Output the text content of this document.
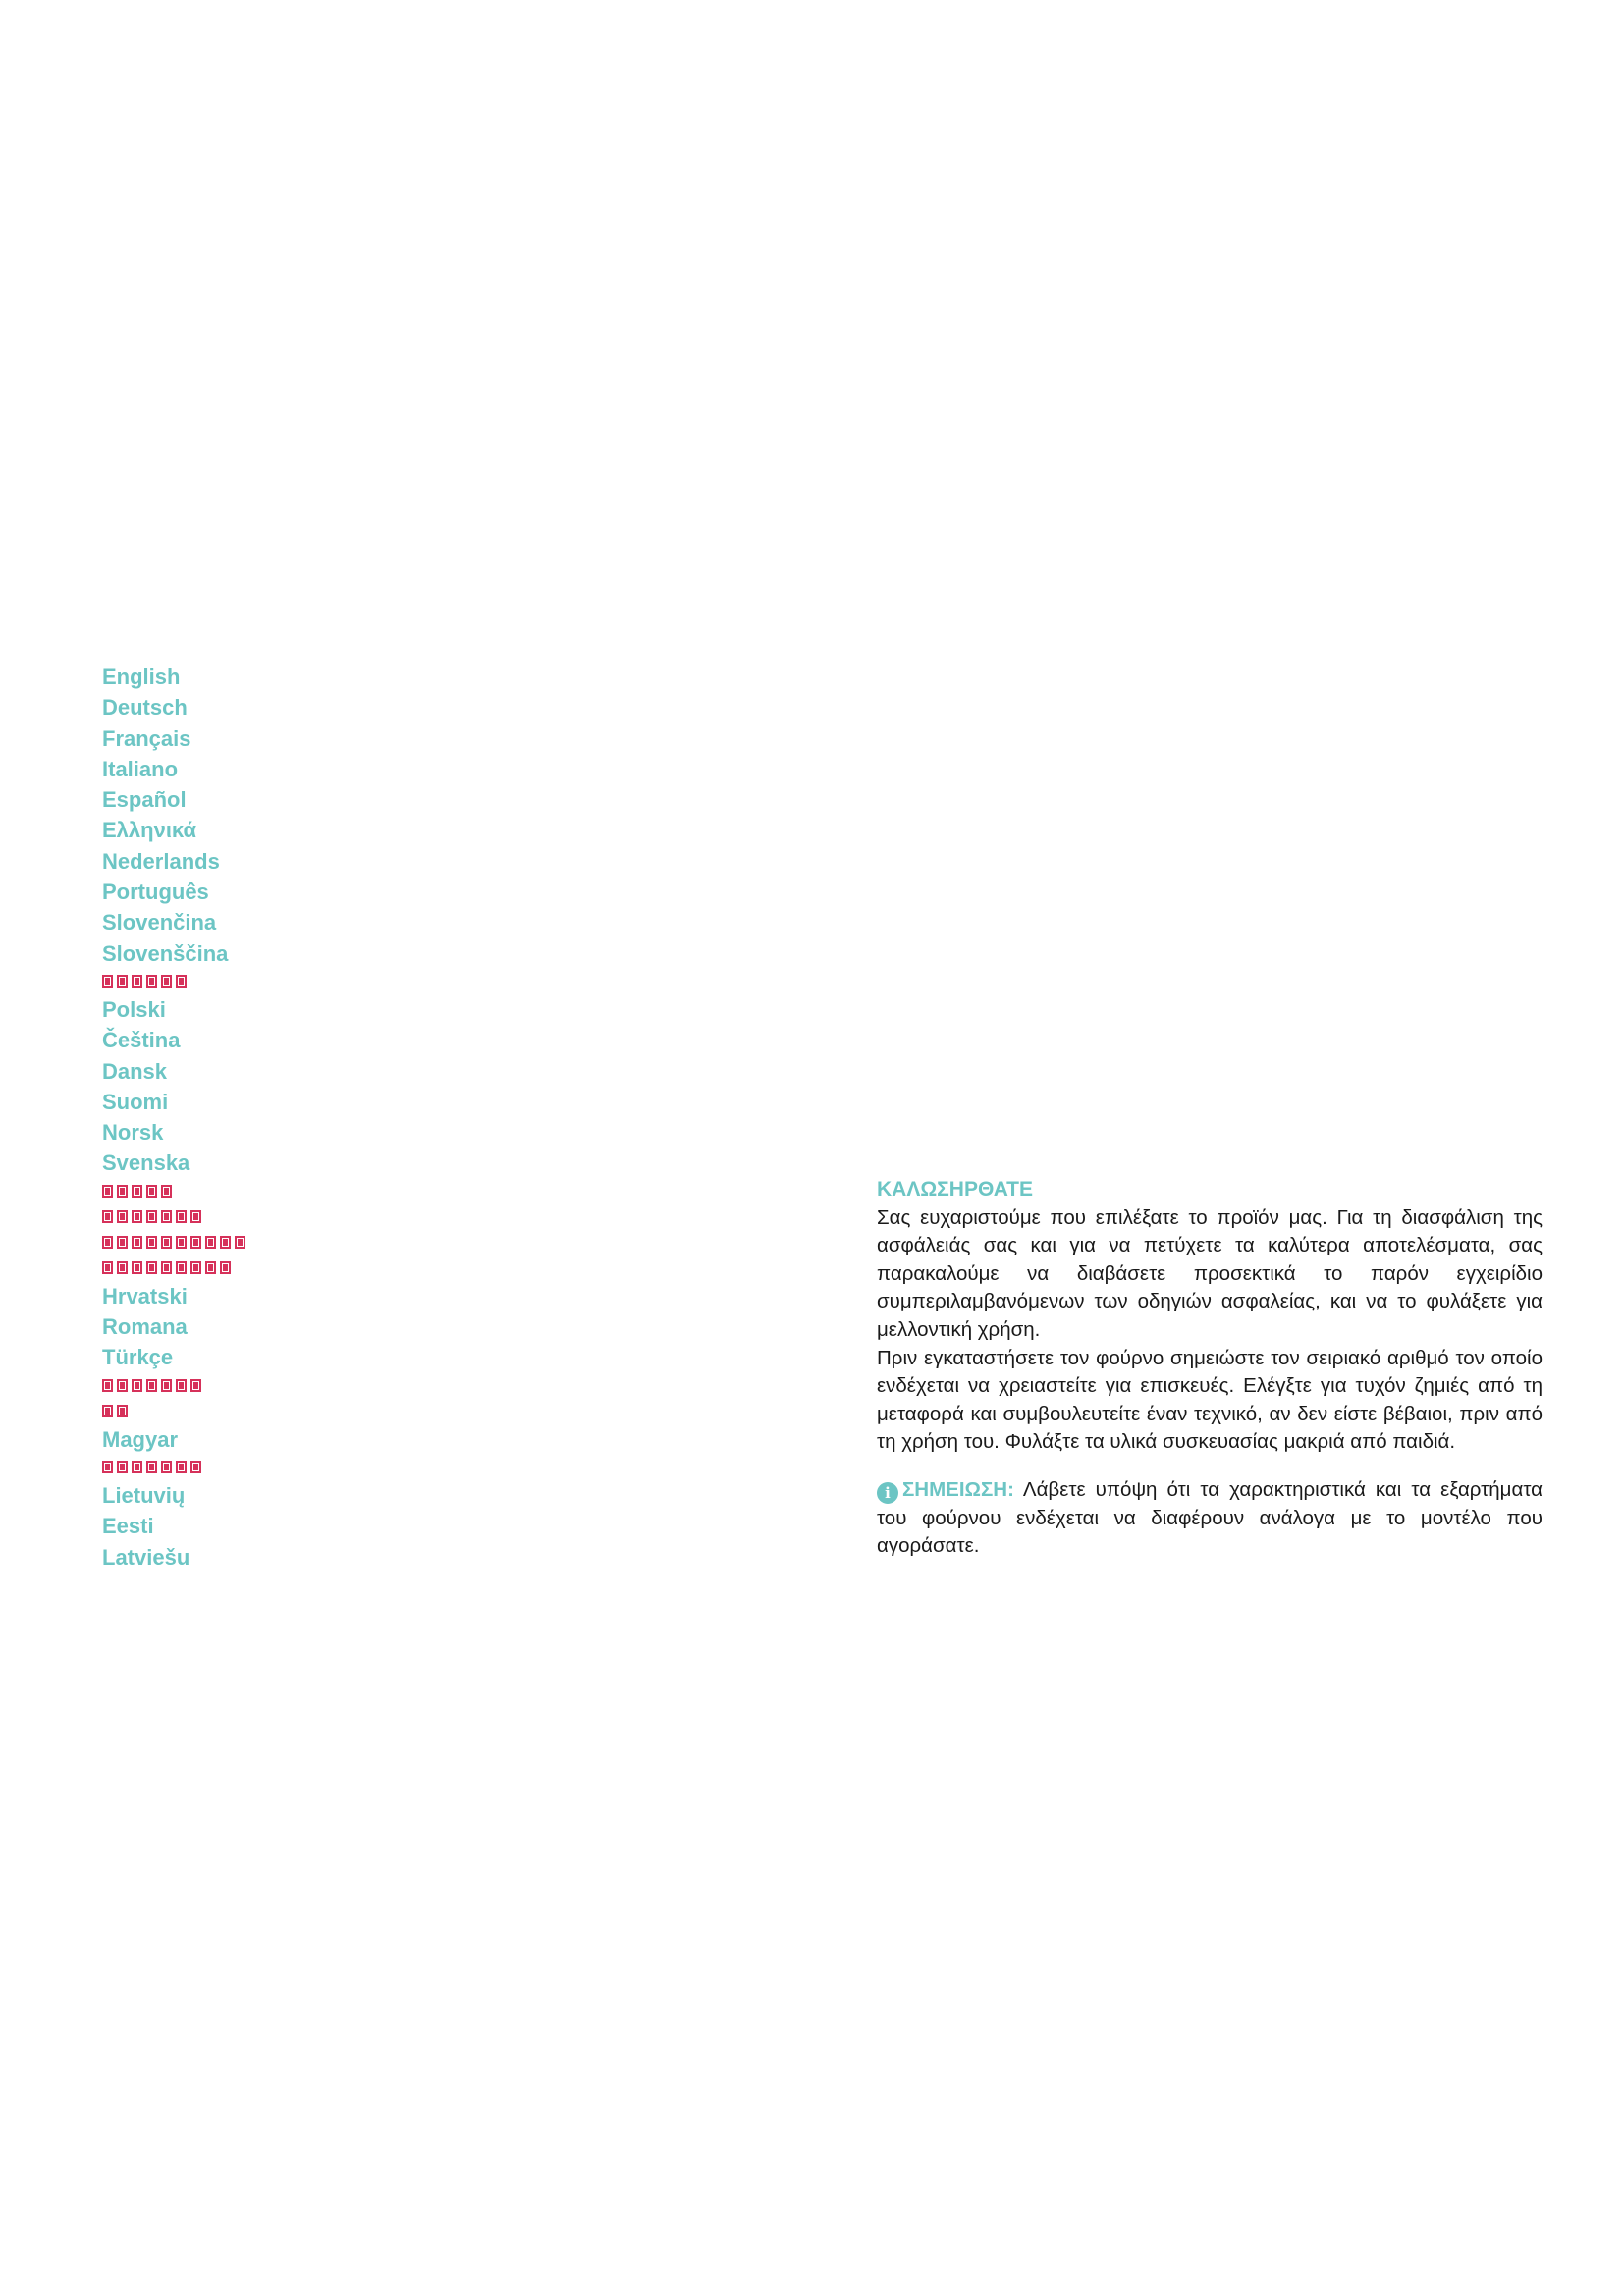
English
Deutsch
Français
Italiano
Español
Ελληνικά
Nederlands
Português
Slovenčina
Slovenščina
Polski
Čeština
Dansk
Suomi
Norsk
Svenska
Hrvatski
Romana
Türkçe
Magyar
Lietuvių
Eesti
Latviešu

ΚΑΛΩΣΗΡΘΑΤΕ

Σας ευχαριστούμε που επιλέξατε το προϊόν μας. Για τη διασφάλιση της ασφάλειάς σας και για να πετύχετε τα καλύτερα αποτελέσματα, σας παρακαλούμε να διαβάσετε προσεκτικά το παρόν εγχειρίδιο συμπεριλαμβανόμενων των οδηγιών ασφαλείας, και να το φυλάξετε για μελλοντική χρήση.

Πριν εγκαταστήσετε τον φούρνο σημειώστε τον σειριακό αριθμό τον οποίο ενδέχεται να χρειαστείτε για επισκευές. Ελέγξτε για τυχόν ζημιές από τη μεταφορά και συμβουλευτείτε έναν τεχνικό, αν δεν είστε βέβαιοι, πριν από τη χρήση του. Φυλάξτε τα υλικά συσκευασίας μακριά από παιδιά.

i ΣΗΜΕΙΩΣΗ: Λάβετε υπόψη ότι τα χαρακτηριστικά και τα εξαρτήματα του φούρνου ενδέχεται να διαφέρουν ανάλογα με το μοντέλο που αγοράσατε.
